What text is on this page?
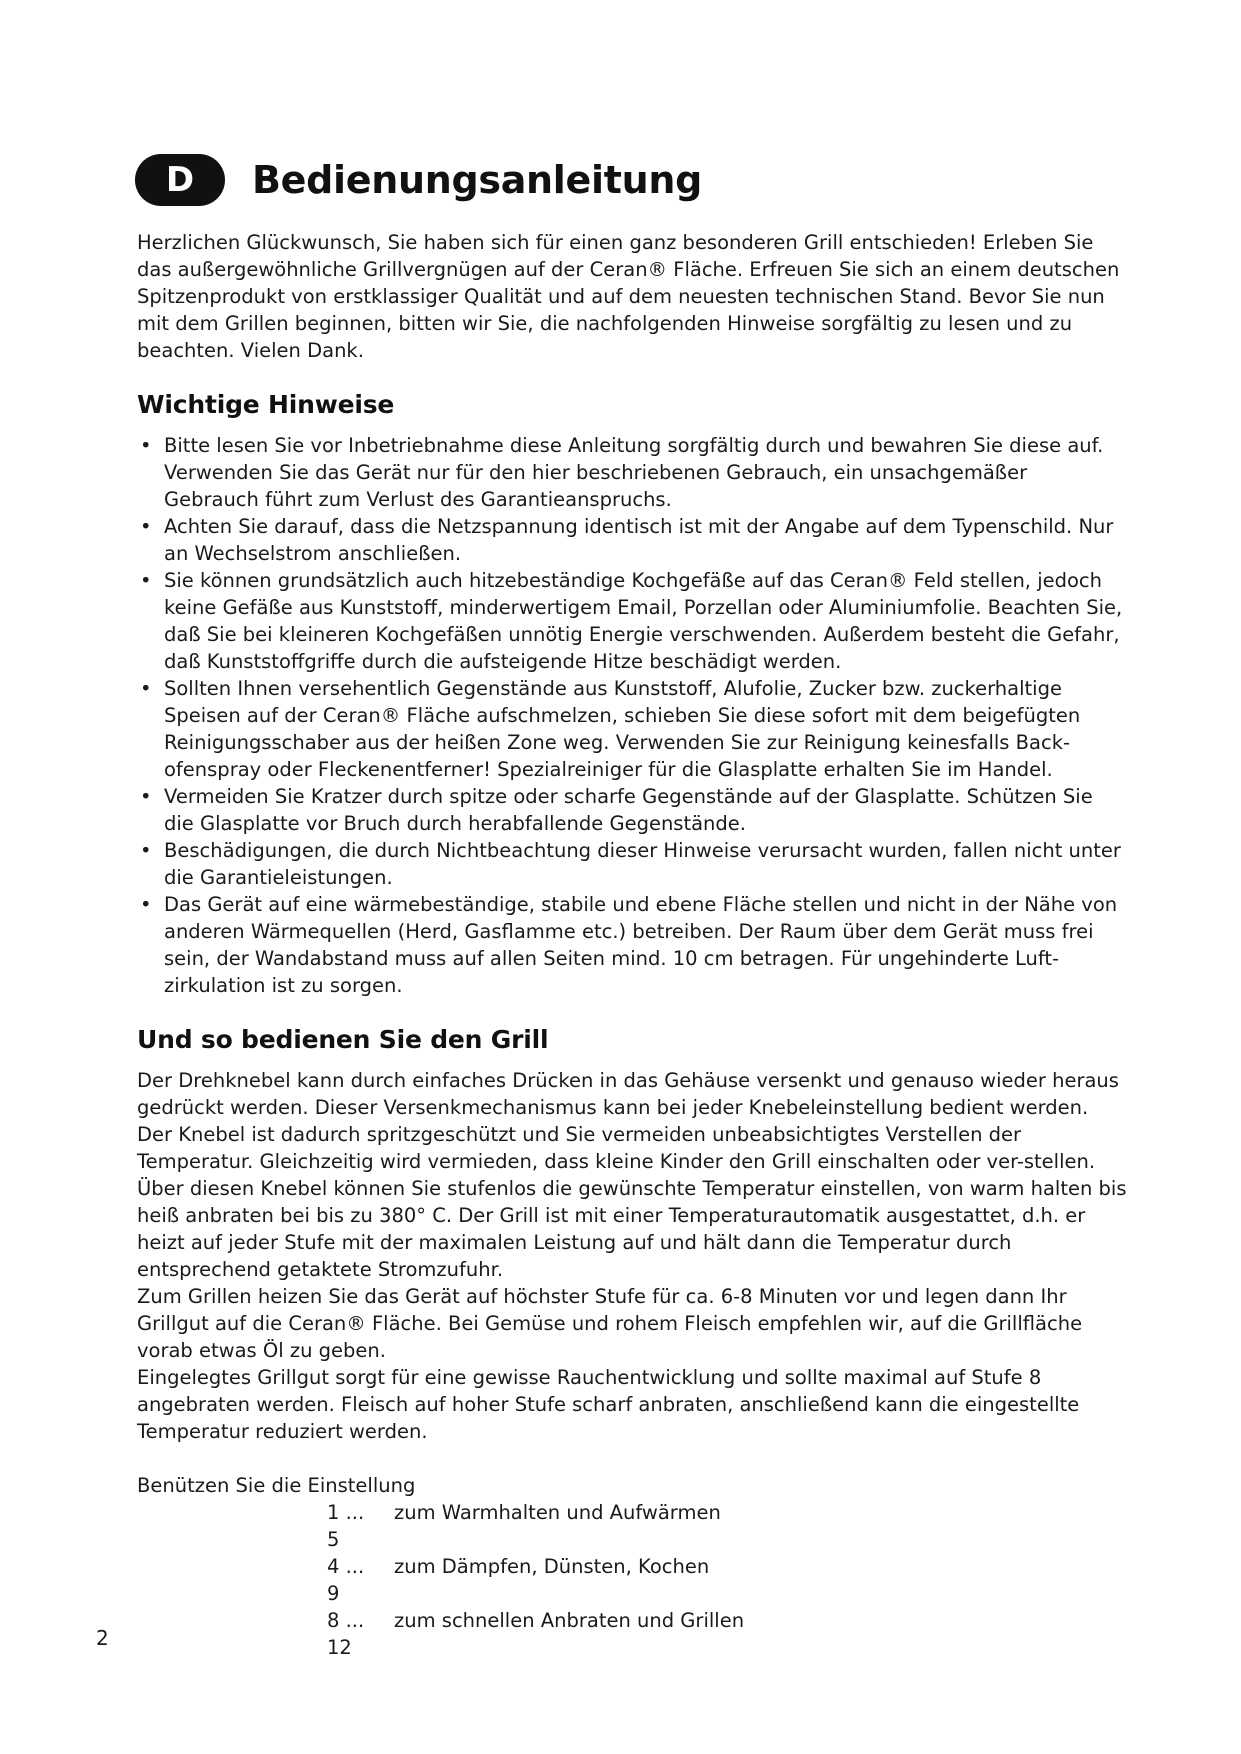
D	Bedienungsanleitung

Herzlichen Glückwunsch, Sie haben sich für einen ganz besonderen Grill entschieden! Erleben Sie das außergewöhnliche Grillvergnügen auf der Ceran® Fläche. Erfreuen Sie sich an einem deutschen Spitzenprodukt von erstklassiger Qualität und auf dem neuesten technischen Stand. Bevor Sie nun mit dem Grillen beginnen, bitten wir Sie, die nachfolgenden Hinweise sorgfältig zu lesen und zu beachten. Vielen Dank.

Wichtige Hinweise
• Bitte lesen Sie vor Inbetriebnahme diese Anleitung sorgfältig durch und bewahren Sie diese auf. Verwenden Sie das Gerät nur für den hier beschriebenen Gebrauch, ein unsachgemäßer Gebrauch führt zum Verlust des Garantieanspruchs.
• Achten Sie darauf, dass die Netzspannung identisch ist mit der Angabe auf dem Typenschild. Nur an Wechselstrom anschließen.
• Sie können grundsätzlich auch hitzebeständige Kochgefäße auf das Ceran® Feld stellen, jedoch keine Gefäße aus Kunststoff, minderwertigem Email, Porzellan oder Aluminiumfolie. Beachten Sie, daß Sie bei kleineren Kochgefäßen unnötig Energie verschwenden. Außerdem besteht die Gefahr, daß Kunststoffgriffe durch die aufsteigende Hitze beschädigt werden.
• Sollten Ihnen versehentlich Gegenstände aus Kunststoff, Alufolie, Zucker bzw. zuckerhaltige Speisen auf der Ceran® Fläche aufschmelzen, schieben Sie diese sofort mit dem beigefügten Reinigungsschaber aus der heißen Zone weg. Verwenden Sie zur Reinigung keinesfalls Back-ofenspray oder Fleckenentferner! Spezialreiniger für die Glasplatte erhalten Sie im Handel.
• Vermeiden Sie Kratzer durch spitze oder scharfe Gegenstände auf der Glasplatte. Schützen Sie die Glasplatte vor Bruch durch herabfallende Gegenstände.
• Beschädigungen, die durch Nichtbeachtung dieser Hinweise verursacht wurden, fallen nicht unter die Garantieleistungen.
• Das Gerät auf eine wärmebeständige, stabile und ebene Fläche stellen und nicht in der Nähe von anderen Wärmequellen (Herd, Gasflamme etc.) betreiben. Der Raum über dem Gerät muss frei sein, der Wandabstand muss auf allen Seiten mind. 10 cm betragen. Für ungehinderte Luft-zirkulation ist zu sorgen.
Und so bedienen Sie den Grill

Der Drehknebel kann durch einfaches Drücken in das Gehäuse versenkt und genauso wieder heraus gedrückt werden. Dieser Versenkmechanismus kann bei jeder Knebeleinstellung bedient werden. Der Knebel ist dadurch spritzgeschützt und Sie vermeiden unbeabsichtigtes Verstellen der Temperatur. Gleichzeitig wird vermieden, dass kleine Kinder den Grill einschalten oder ver-stellen.

Über diesen Knebel können Sie stufenlos die gewünschte Temperatur einstellen, von warm halten bis heiß anbraten bei bis zu 380° C. Der Grill ist mit einer Temperaturautomatik ausgestattet, d.h. er heizt auf jeder Stufe mit der maximalen Leistung auf und hält dann die Temperatur durch entsprechend getaktete Stromzufuhr.

Zum Grillen heizen Sie das Gerät auf höchster Stufe für ca. 6-8 Minuten vor und legen dann Ihr Grillgut auf die Ceran® Fläche. Bei Gemüse und rohem Fleisch empfehlen wir, auf die Grillfläche vorab etwas Öl zu geben.

Eingelegtes Grillgut sorgt für eine gewisse Rauchentwicklung und sollte maximal auf Stufe 8 angebraten werden. Fleisch auf hoher Stufe scharf anbraten, anschließend kann die eingestellte Temperatur reduziert werden.

Benützen Sie die Einstellung

1 ...5
zum Warmhalten und Aufwärmen
4 ...9
zum Dämpfen, Dünsten, Kochen
8 ...12
zum schnellen Anbraten und Grillen
2
